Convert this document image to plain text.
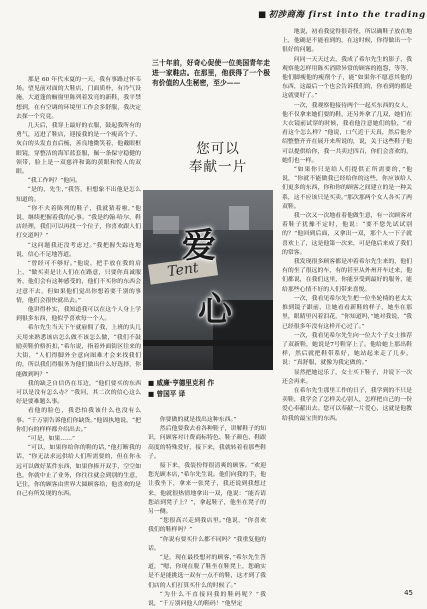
■ 初涉商海 first into the trading

那是 60 年代末夏的一天，我有事路过怀韦场。望见前对面的大鞋店，门面质朴，有冷气设施，大道蓬的橱窗里陈列着发亮的新鞋，我平禁想到，在有空调的环境里工作会多舒服，我决定去探一个究竟。

几天后，我穿上最好的衣服，鼓起我所有的勇气，迈进了鞋店，迎接我的是一个瘦高个子、灰白的头发直直后梳，善良地微笑着，他戴眼框眼镜，穿整洁的海军蓝套服，佩一条保守稳健的领带，脸上是一双慈祥和蔼的黄眼和悦人的双眼。

“我工作吗？”他问。

“是的，先生，”我答，但想象不出他是怎么知道的。

“你不夫着陈列的鞋子，我就猜着啦，”他说，继续把握着我的心事。“我是约翰·哈尔，鞋店经理，我们可以再找一个位子，你喜欢跟人们打交道吗？”

“这问题我还没考虑过。”我把握失踪连地说，信心不足地答道。

“曾经可不够好。”他说，把手放在我的肩上，“做买卖是让人们在在路意，只要你真诚服务，他们会有这种感受的，他们不买你的东西会过意不去，但如果他们觉出你想着要千别的事情，他们会很快就出去。”

他讲得朴实，我知道我可以在这个人身上学到很多东西，他似乎喜欢每一个人。

希尔先生当天下午就雇佣了我，上班的头几天用来熟悉该店怎么做不该怎么做，“我们不鼓励卖鞋价格折扣，”希尔说，指着外面街区往来的大街，“人们得脚外全意向图难才会来找我们的，所以我们得服务为他们做出什么好选择，你能做到吗？”

我的缺乏自信仍在耳边，“他们要买的东西可以是没有怎么办？”我问，其二次的信心这么好是要难题么事。

看他的脸色，我恐怕我该什么也没有么事。“千万别告诉他们你缺货。”他固执地说，“把你们有的样样都介绍出去。”

“可是，如果……”

“可以，如果你给你的鞋的话，”他打断我的话，“你无法求远供给人们所需要的，但在你永远可以做好某件东西，如果你捧开双手，空空如也，你就中止了业务，你往往就会到别的生意，记住，你的顾客由世界大圆顾客给，他喜欢的是自己有所发现的东西。

三十年前，好奇心促使一位美国青年走进一家鞋店。在那里，他获得了一个极有价值的人生秘密，至少——
您可以
奉献一片
Tent
爱
心
■ 威廉·亨德里克利 作
■ 曾国平 译

你要做的就是找出这种东西。”

然后他要我去看各种鞋子，讲解鞋子的知识，问顾客对计费商标特色、鞋子颜色、鞋跟高度的特殊爱好，接下来，我就转着看那些鞋子。

接下来，我装扮得很清爽的顾客。“欢迎您光顾本店，”希尔先生说。他们向我的手，他让我坐下，拿来一张凳子，我还说到我想过来，他就很热情地拿出一双，他说：“能否请您站到凳子上？”，拿起鞋子，他坐在凳子的另一侧。

“您很高兴走到我店里。”他说，“你喜欢我们的鞋样吗？”

“你说有要买什么都不同吗？”我重复他的话。

“是，现在最投想对的顾客，”希尔先生答道，“嗯，你现在脱了鞋坐在鞋凳上，您确实是不是能挑选一双有一点不的鞋，这才到了我们店的人们打算买什么的时候了。”

“为什么不直接问我的鞋码呢？”我说，“千万别问他人的鞋码！”他坚定

地说，初看我觉得很奇怪，所以确鞋子放在地上，他确是不能看到的，在这时候，你得做出一个很好的问题。

问同一天天过去，我成了希尔先生的影子，我观察他怎样用陈买消除异常的顾客的抱怨，等等，他们脚瘦他的瘦削个子，能“如果你不愿意其他的东西，这最后一个也会告诉我们的，你看到的都是这就要好了。”

一次，我观察他接待两个一起买东西的女人，他不仅拿来她们要的鞋，还另外拿了几双，她们在大衣镜前试穿的时候，我看他注意她们的脸，“看看这个怎么样？”他说，口气近于天真，然后他介绍整整齐齐在展开来所说的，说，关于这些鞋子他可以提供给你，我一共卖过四百，你们会喜欢的，她们也一样。

“如果你只是给人们提供正所需要的，”他说，“你就不能做我已经给你的这些，你应该给人们更多的东西，你和你的顾客之间建立的是一种关系，这不应该只是买卖。”那次那两个女人各买了两双鞋。

我一次又一次地看着他做生意，有一次顾客对着鞋子犹豫不定时，他说：“要不您先试试别的？”他回到后面，又拿出一双，那个人一下子就喜欢上了，这是他第一次来，可是他后来成了我们的常客。

我发现很多顾客都是冲着希尔先生来的，他们有的坐了很远的车，有的甚至从外州开车过来，他们都说，在我们这里，你能享受到最好的服务，能给那些心情不好的人们带来喜悦。

一次，我看见希尔先生把一位坐轮椅的老太太推到镜子跟前，让她看看新鞋的样子，她坐在那里，眼睛里闪着泪花，“你知道吗，”她对我说，“我已经很多年没有这样开心过了。”

一次，我看见希尔先生向一位大个子女士推荐了双新鞋，她说是7号鞋穿上了。他给她上那出鞋样，然后就把鞋带系好，她站起来走了几步，说：“真舒服，就像为我定做的。”

显然把她逗乐了，女士买下鞋子，并说下一次还会再来。

在希尔先生那里工作的日子，我学到的不只是卖鞋，我学会了怎样关心别人，怎样把自己的一份爱心奉献出去。您可以奉献一片爱心，这就是他教给我的最宝贵的东西。

45
